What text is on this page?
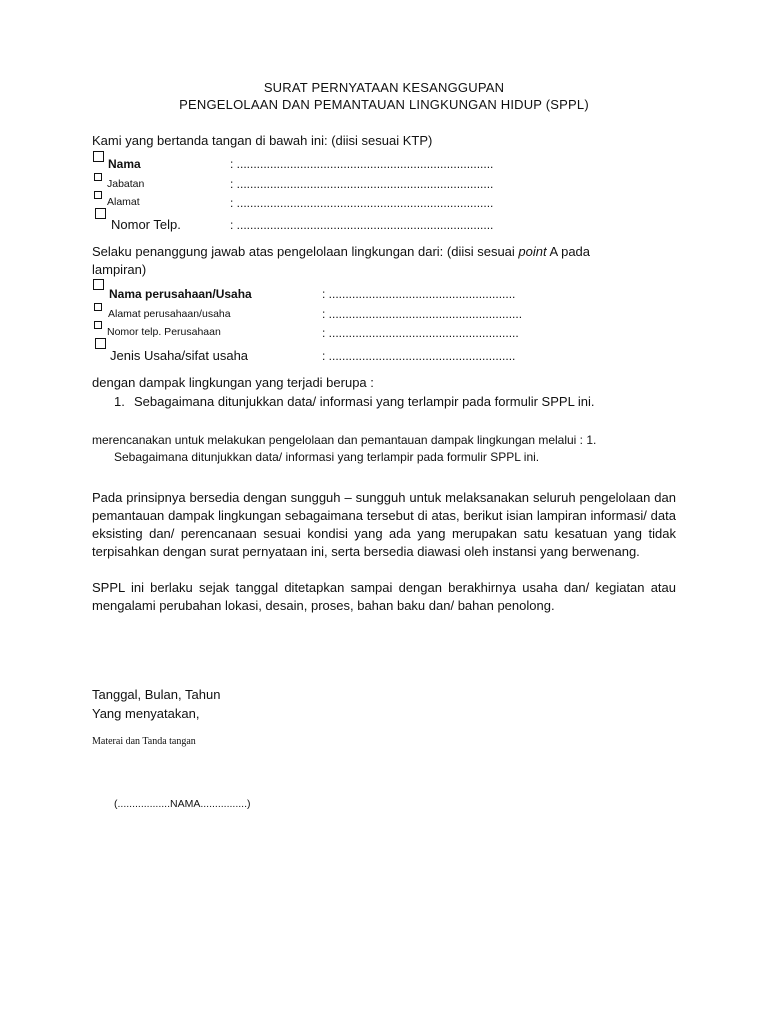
SURAT PERNYATAAN KESANGGUPAN
PENGELOLAAN DAN PEMANTAUAN LINGKUNGAN HIDUP (SPPL)
Kami yang bertanda tangan di bawah ini: (diisi sesuai KTP)
Nama	: .............................................................................
Jabatan	: .............................................................................
Alamat	: .............................................................................
Nomor Telp.	: .............................................................................
Selaku penanggung jawab atas pengelolaan lingkungan dari: (diisi sesuai point A pada
lampiran)
Nama perusahaan/Usaha	: ........................................................
Alamat perusahaan/usaha	: ..........................................................
Nomor telp. Perusahaan	: .........................................................
Jenis Usaha/sifat usaha	: ........................................................
dengan dampak lingkungan yang terjadi berupa :
1. Sebagaimana ditunjukkan data/ informasi yang terlampir pada formulir SPPL ini.
merencanakan untuk melakukan pengelolaan dan pemantauan dampak lingkungan melalui : 1.
Sebagaimana ditunjukkan data/ informasi yang terlampir pada formulir SPPL ini.
Pada prinsipnya bersedia dengan sungguh – sungguh untuk melaksanakan seluruh pengelolaan dan pemantauan dampak lingkungan sebagaimana tersebut di atas, berikut isian lampiran informasi/ data eksisting dan/ perencanaan sesuai kondisi yang ada yang merupakan satu kesatuan yang tidak terpisahkan dengan surat pernyataan ini, serta bersedia diawasi oleh instansi yang berwenang.
SPPL ini berlaku sejak tanggal ditetapkan sampai dengan berakhirnya usaha dan/ kegiatan atau mengalami perubahan lokasi, desain, proses, bahan baku dan/ bahan penolong.
Tanggal, Bulan, Tahun
Yang menyatakan,
Materai dan Tanda tangan
(..................NAMA................)
